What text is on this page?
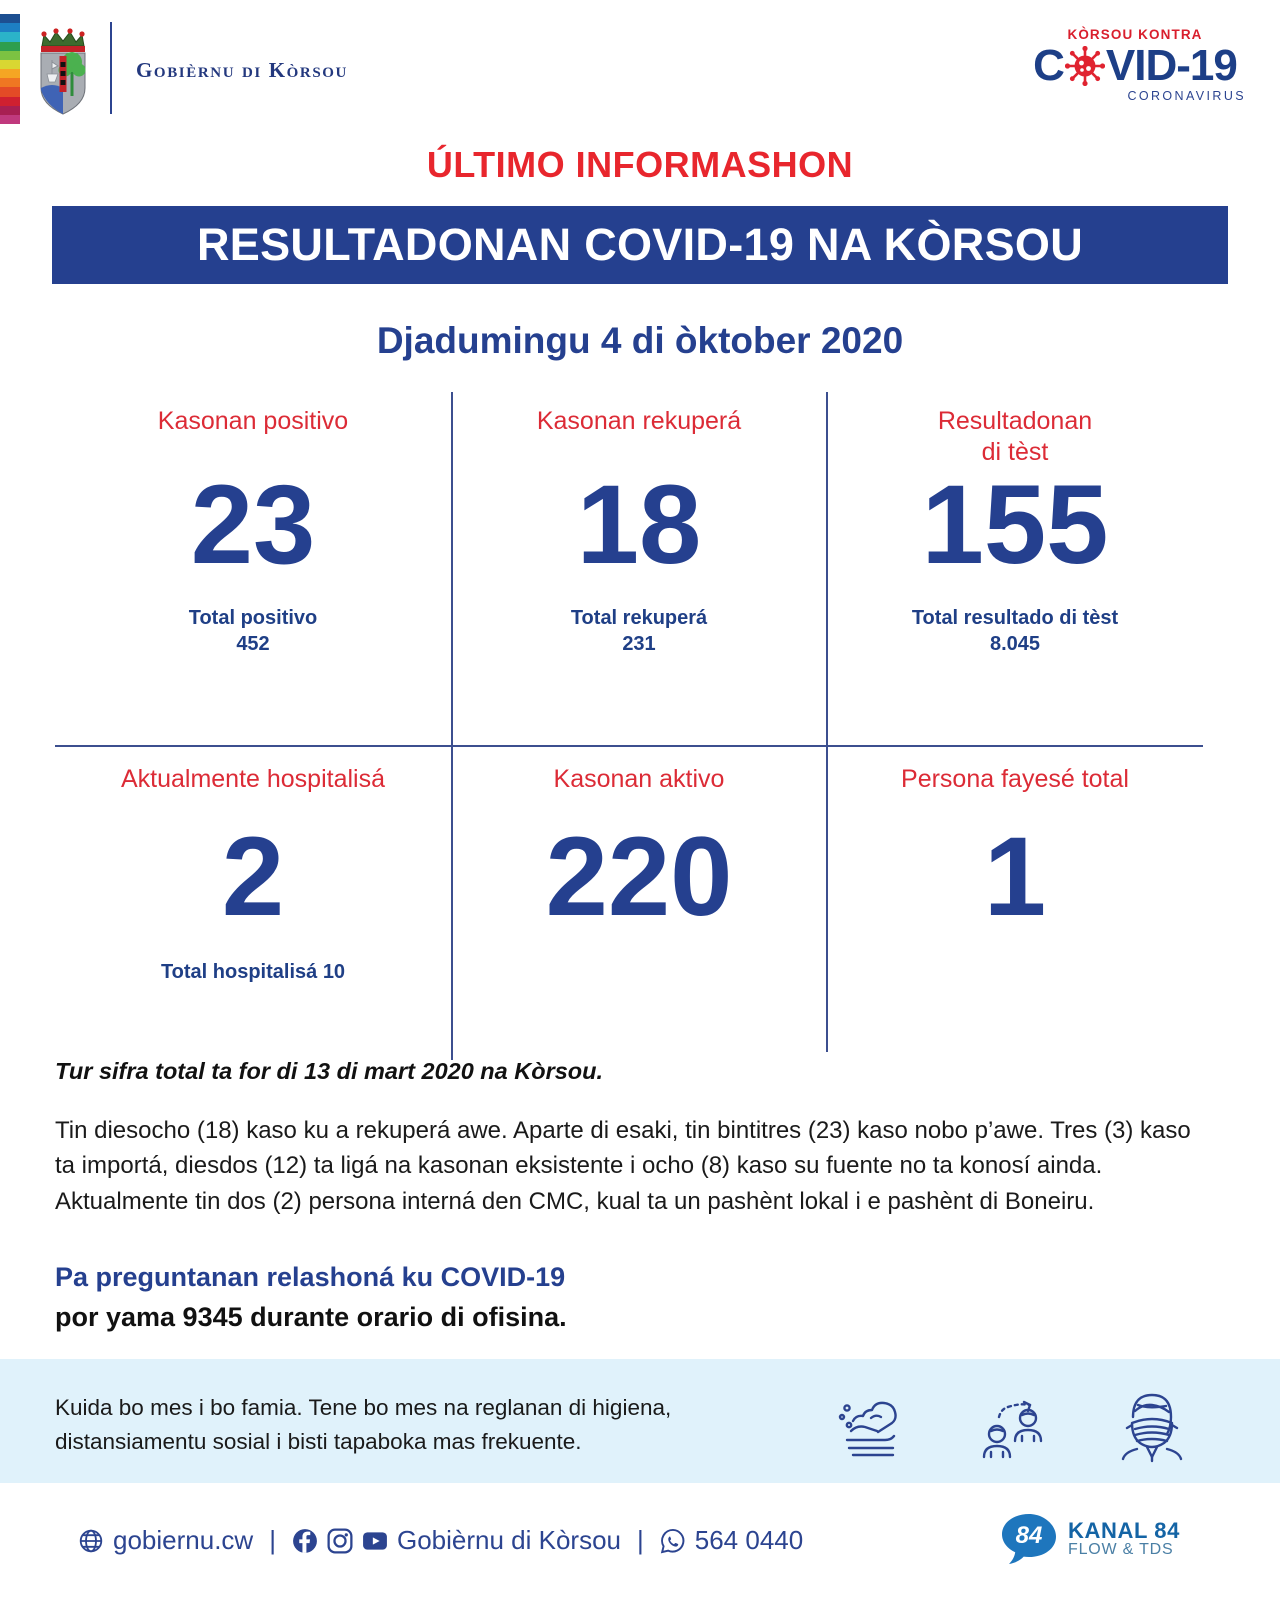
Gobièrnu di Kòrsou
KÒRSOU KONTRA
C VID-19
CORONAVIRUS
ÚLTIMO INFORMASHON
RESULTADONAN COVID-19 NA KÒRSOU
Djadumingu 4 di òktober 2020
Kasonan positivo
23
Total positivo
452
Kasonan rekuperá
18
Total rekuperá
231
Resultadonan
di tèst
155
Total resultado di tèst
8.045
Aktualmente hospitalisá
2
Total hospitalisá 10
Kasonan aktivo
220
Persona fayesé total
1
Tur sifra total ta for di 13 di mart 2020 na Kòrsou.
Tin diesocho (18) kaso ku a rekuperá awe. Aparte di esaki, tin bintitres (23) kaso nobo p’awe. Tres (3) kaso ta importá, diesdos (12) ta ligá na kasonan eksistente i ocho (8) kaso su fuente no ta konosí ainda. Aktualmente tin dos (2) persona interná den CMC, kual ta un pashènt lokal i e pashènt di Boneiru.
Pa preguntanan relashoná ku COVID-19
por yama 9345 durante orario di ofisina.
Kuida bo mes i bo famia. Tene bo mes na reglanan di higiena, distansiamentu sosial i bisti tapaboka mas frekuente.
gobiernu.cw |	Gobièrnu di Kòrsou | 564 0440	84 KANAL 84
FLOW & TDS
